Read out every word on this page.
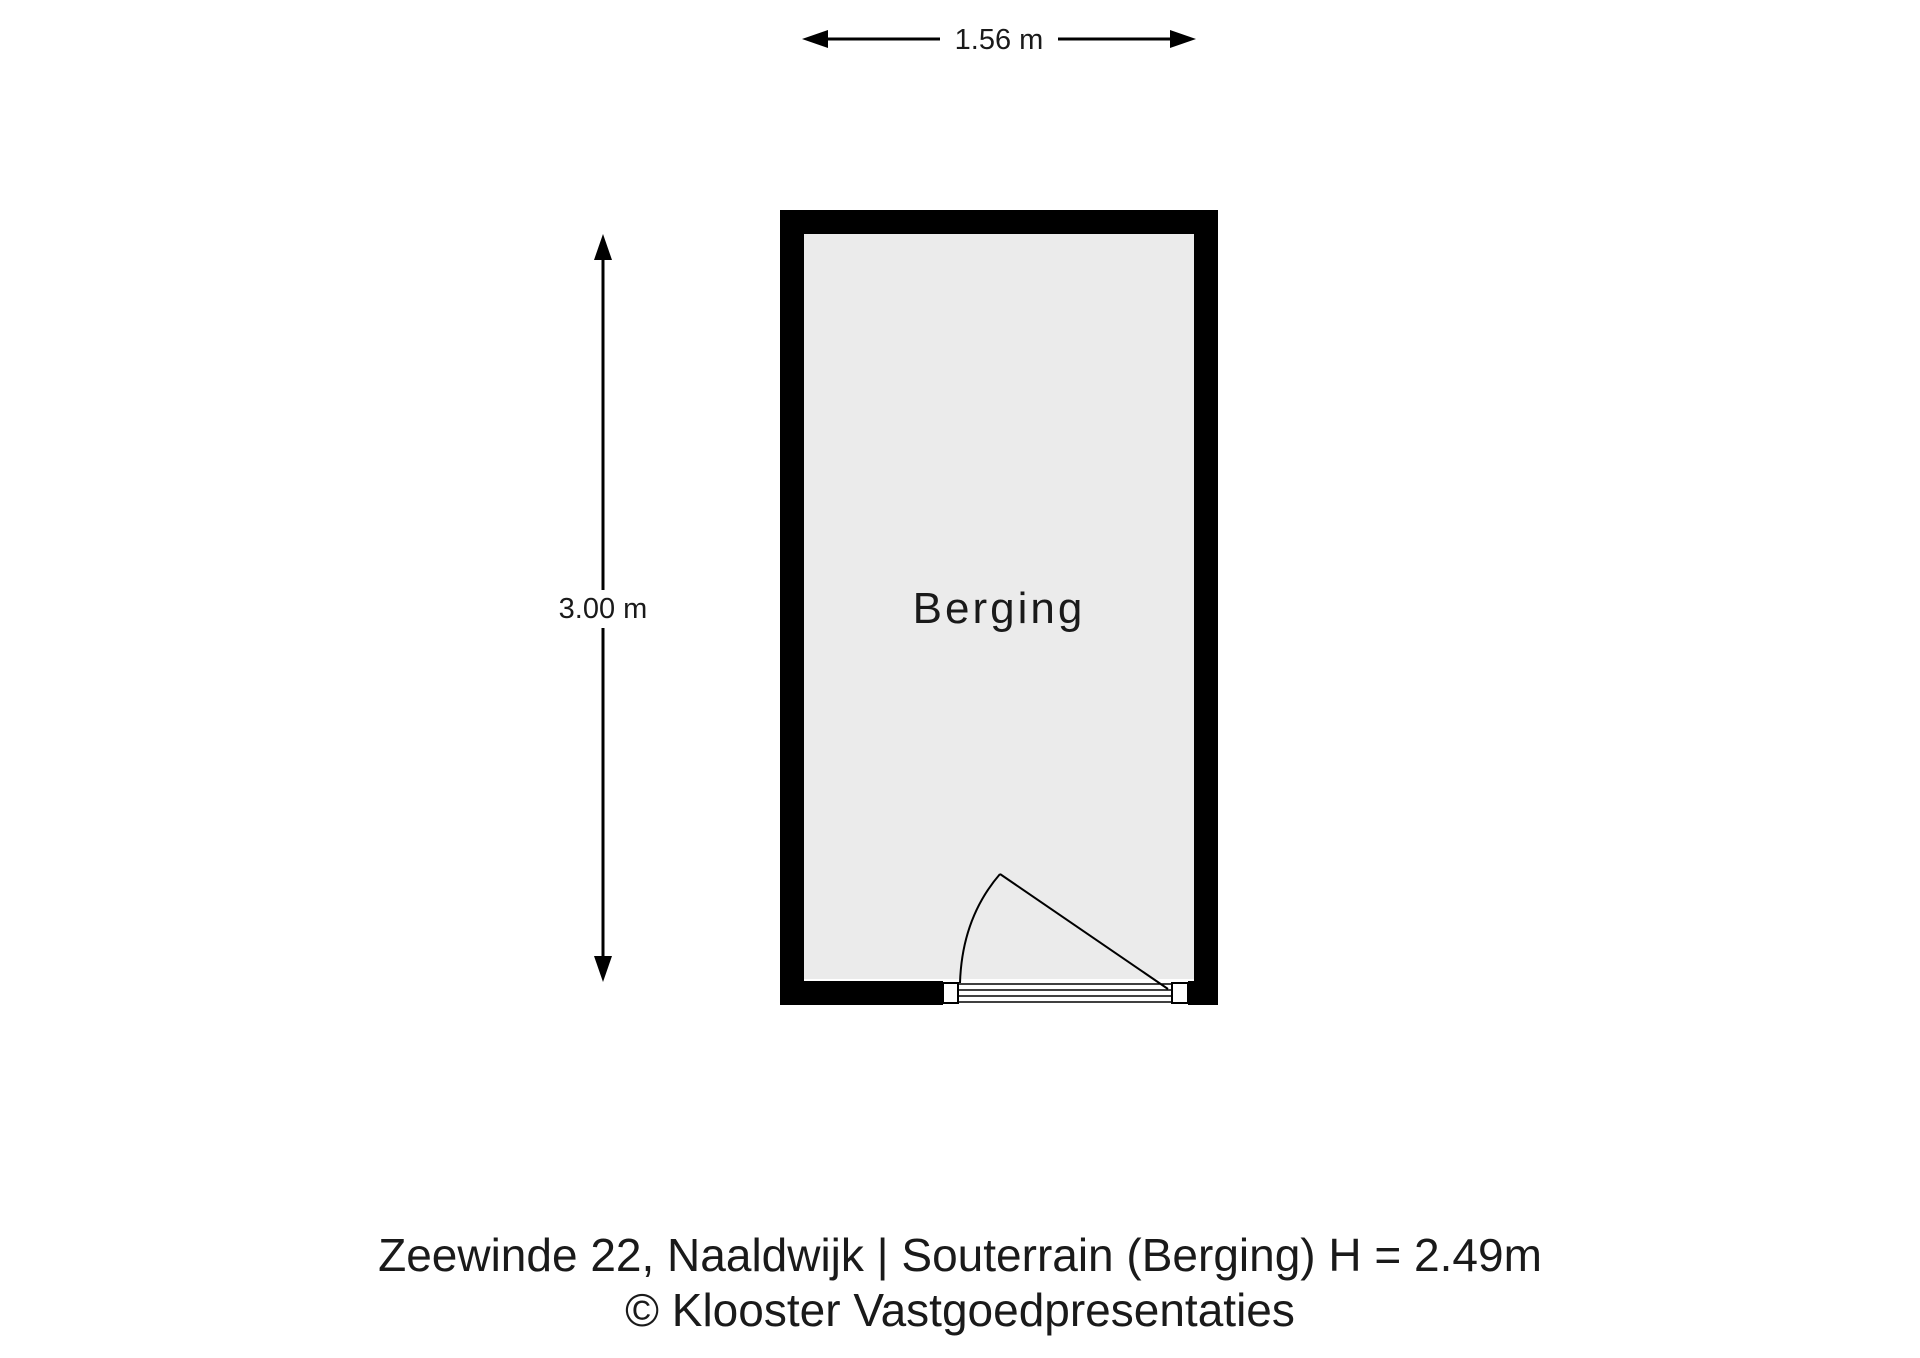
1.56 m
3.00 m	Berging
Zeewinde 22, Naaldwijk | Souterrain (Berging) H = 2.49m
© Klooster Vastgoedpresentaties
